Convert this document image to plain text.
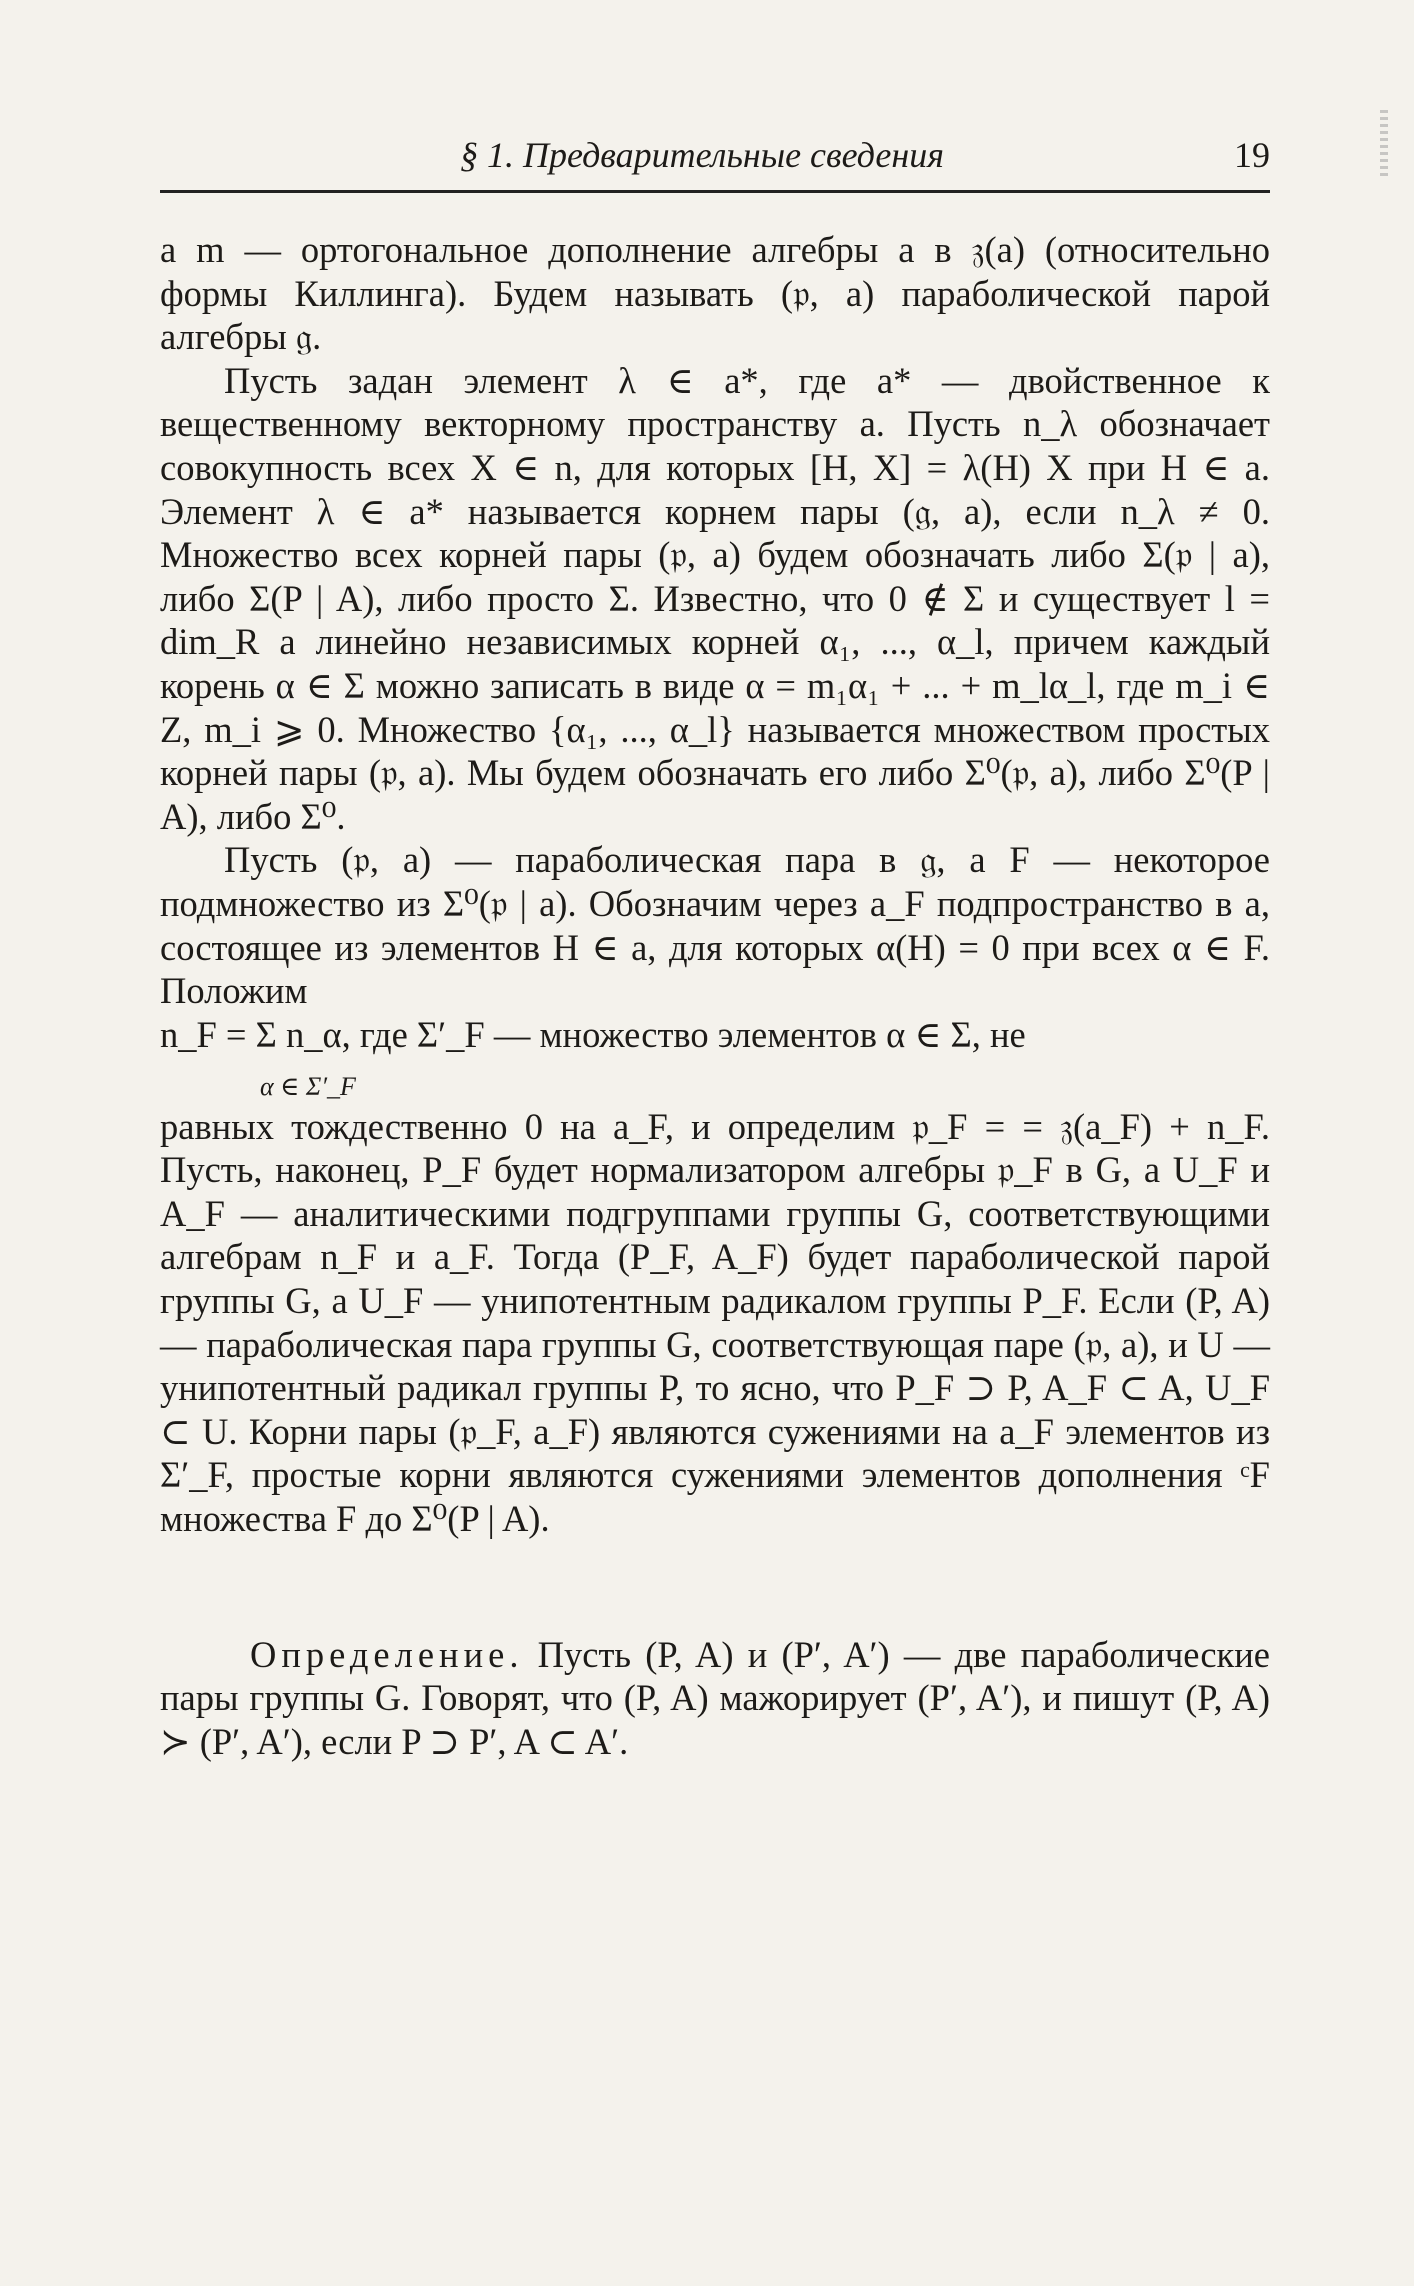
§ 1. Предварительные сведения	19

а m — ортогональное дополнение алгебры a в 𝔷(a) (относительно формы Киллинга). Будем называть (𝔭, a) параболической парой алгебры 𝔤.

Пусть задан элемент λ ∈ a*, где a* — двойственное к вещественному векторному пространству a. Пусть n_λ обозначает совокупность всех X ∈ n, для которых [H, X] = λ(H) X при H ∈ a. Элемент λ ∈ a* называется корнем пары (𝔤, a), если n_λ ≠ 0. Множество всех корней пары (𝔭, a) будем обозначать либо Σ(𝔭 | a), либо Σ(P | A), либо просто Σ. Известно, что 0 ∉ Σ и существует l = dim_R a линейно независимых корней α₁, ..., α_l, причем каждый корень α ∈ Σ можно записать в виде α = m₁α₁ + ... + m_lα_l, где m_i ∈ Z, m_i ⩾ 0. Множество {α₁, ..., α_l} называется множеством простых корней пары (𝔭, a). Мы будем обозначать его либо Σ⁰(𝔭, a), либо Σ⁰(P | A), либо Σ⁰.

Пусть (𝔭, a) — параболическая пара в 𝔤, а F — некоторое подмножество из Σ⁰(𝔭 | a). Обозначим через a_F подпространство в a, состоящее из элементов H ∈ a, для которых α(H) = 0 при всех α ∈ F. Положим

n_F = Σ n_α, где Σ′_F — множество элементов α ∈ Σ, не
α ∈ Σ′_F

равных тождественно 0 на a_F, и определим 𝔭_F = = 𝔷(a_F) + n_F. Пусть, наконец, P_F будет нормализатором алгебры 𝔭_F в G, а U_F и A_F — аналитическими подгруппами группы G, соответствующими алгебрам n_F и a_F. Тогда (P_F, A_F) будет параболической парой группы G, а U_F — унипотентным радикалом группы P_F. Если (P, A) — параболическая пара группы G, соответствующая паре (𝔭, a), и U — унипотентный радикал группы P, то ясно, что P_F ⊃ P, A_F ⊂ A, U_F ⊂ U. Корни пары (𝔭_F, a_F) являются сужениями на a_F элементов из Σ′_F, простые корни являются сужениями элементов дополнения ᶜF множества F до Σ⁰(P | A).

Определение. Пусть (P, A) и (P′, A′) — две параболические пары группы G. Говорят, что (P, A) мажорирует (P′, A′), и пишут (P, A) ≻ (P′, A′), если P ⊃ P′, A ⊂ A′.
